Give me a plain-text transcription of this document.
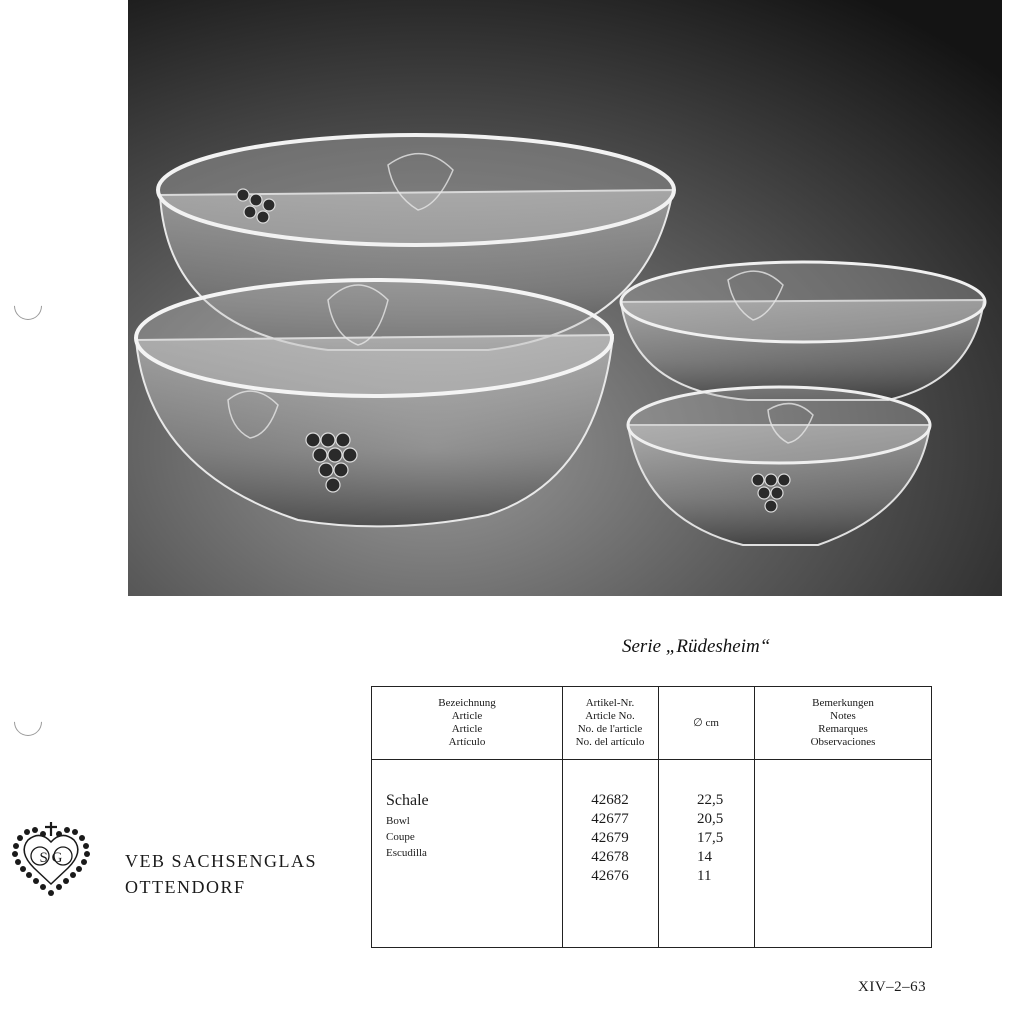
Serie „Rüdesheim“
Bezeichnung
Article
Article
Artículo
Artikel-Nr.
Article No.
No. de l'article
No. del artículo
∅ cm
Bemerkungen
Notes
Remarques
Observaciones
Schale
Bowl
Coupe
Escudilla
42682
42677
42679
42678
42676
22,5
20,5
17,5
14
11
S G	VEB SACHSENGLAS
OTTENDORF
XIV–2–63
